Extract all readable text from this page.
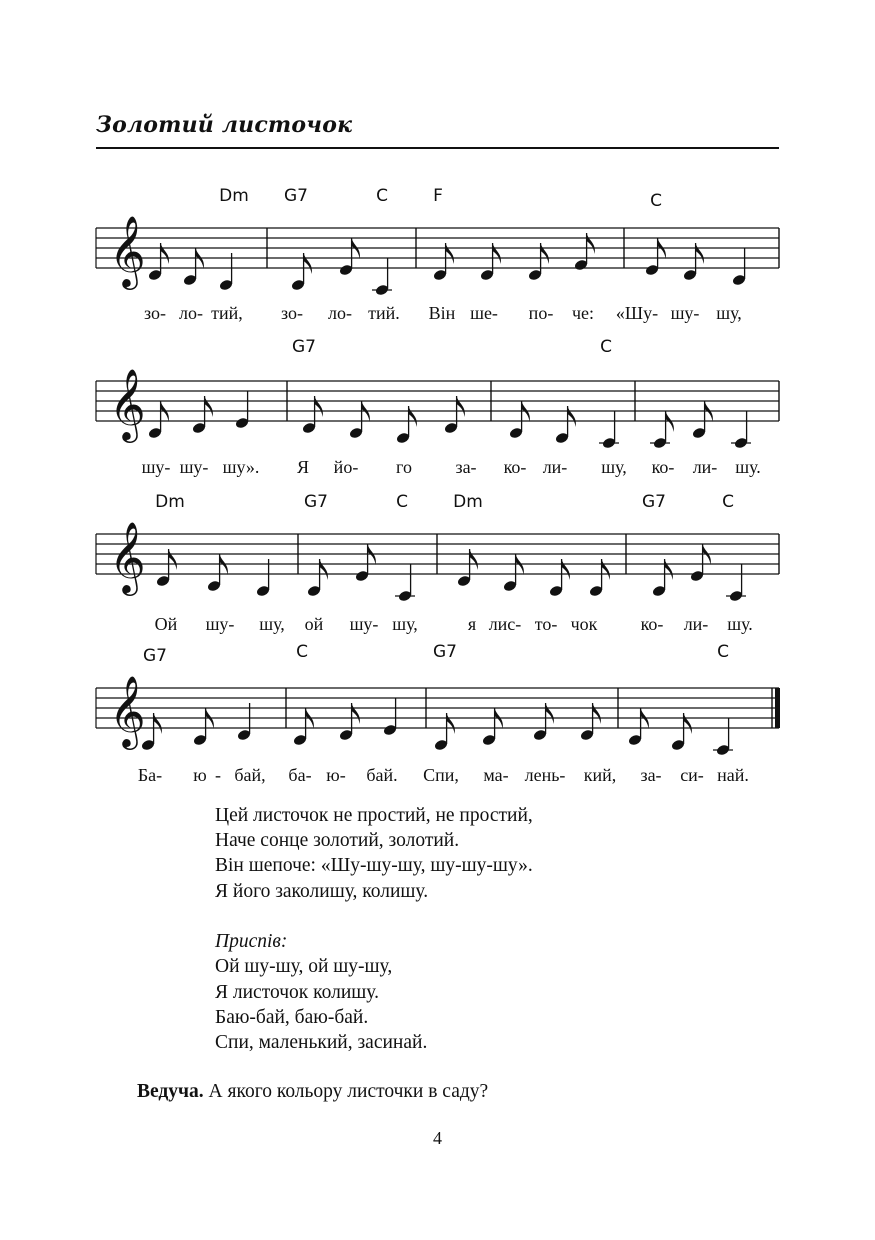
Золотий листочок
Dm G7	C	F	C
𝄞
зо- ло- тий, зо- ло- тий. Він ше- по- че: «Шу- шу- шу,
G7	C
𝄞
шу- шу- шу». Я йо- го за- ко- ли- шу, ко- ли- шу.
Dm	G7	C	Dm	G7	C
𝄞
Ой шу- шу, ой шу- шу,	я лис- то- чок ко- ли- шу.
G7	C	G7	C
𝄞
Ба- ю - бай, ба- ю- бай. Спи, ма- лень- кий, за- си- най.
Цей листочок не простий, не простий,
Наче сонце золотий, золотий.
Він шепоче: «Шу-шу-шу, шу-шу-шу».
Я його заколишу, колишу.
Приспів:
Ой шу-шу, ой шу-шу,
Я листочок колишу.
Баю-бай, баю-бай.
Спи, маленький, засинай.
Ведуча. А якого кольору листочки в саду?
4
